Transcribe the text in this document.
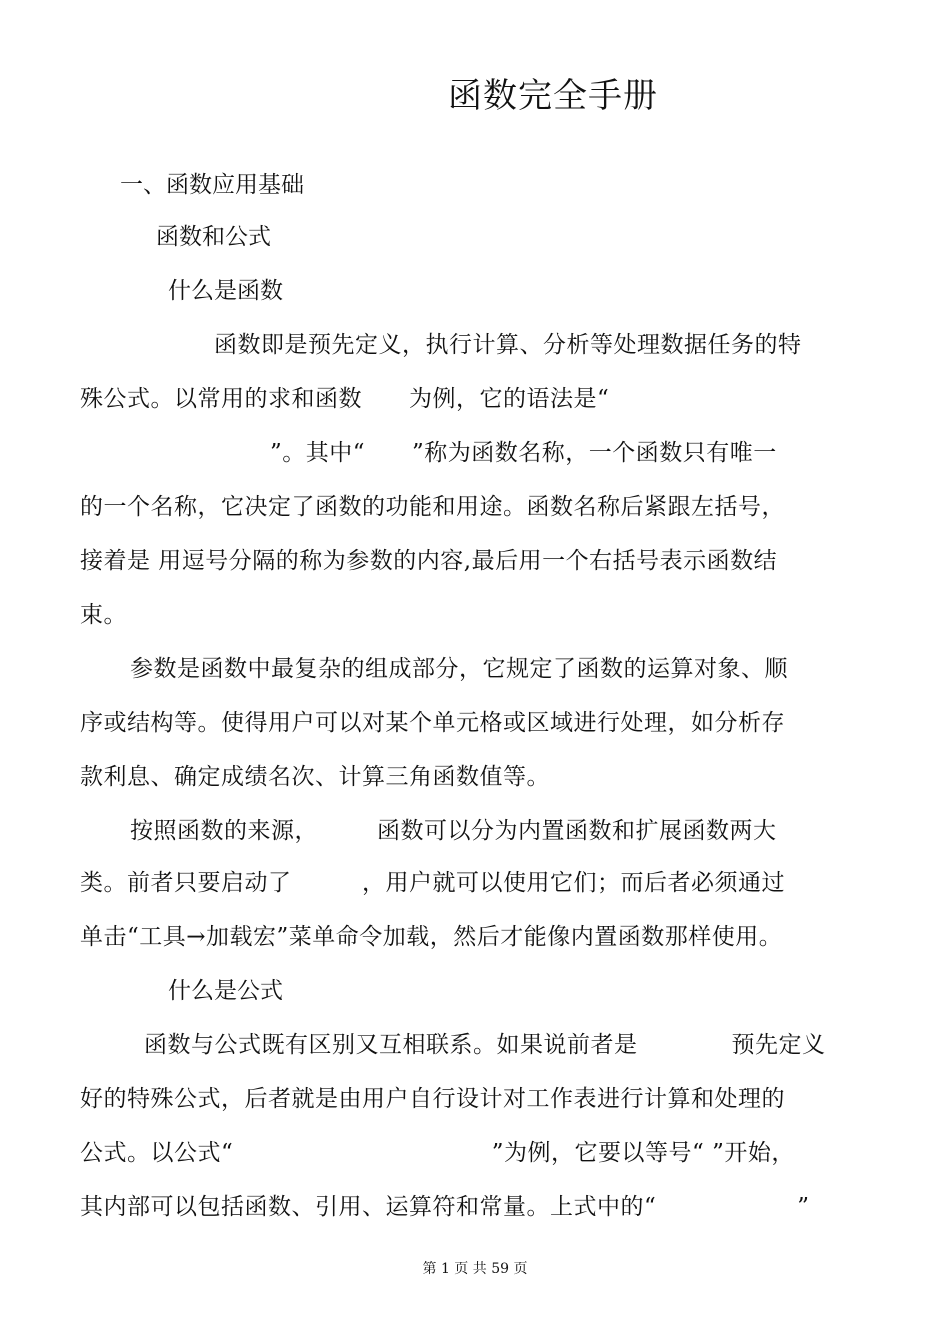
函数完全手册
一、函数应用基础
函数和公式
什么是函数
函数即是预先定义，执行计算、分析等处理数据任务的特
殊公式。以常用的求和函数　　为例，它的语法是“
”。其中“　　”称为函数名称，一个函数只有唯一
的一个名称，它决定了函数的功能和用途。函数名称后紧跟左括号，
接着是 用逗号分隔的称为参数的内容,最后用一个右括号表示函数结
束。
参数是函数中最复杂的组成部分，它规定了函数的运算对象、顺
序或结构等。使得用户可以对某个单元格或区域进行处理，如分析存
款利息、确定成绩名次、计算三角函数值等。
按照函数的来源，　　　函数可以分为内置函数和扩展函数两大
类。前者只要启动了　　　，用户就可以使用它们；而后者必须通过
单击“工具→加载宏”菜单命令加载，然后才能像内置函数那样使用。
什么是公式
函数与公式既有区别又互相联系。如果说前者是　　　　预先定义
好的特殊公式，后者就是由用户自行设计对工作表进行计算和处理的
公式。以公式“　　　　　　　　　　　”为例，它要以等号“ ”开始，
其内部可以包括函数、引用、运算符和常量。上式中的“　　　　　　”
第 1 页 共 59 页
